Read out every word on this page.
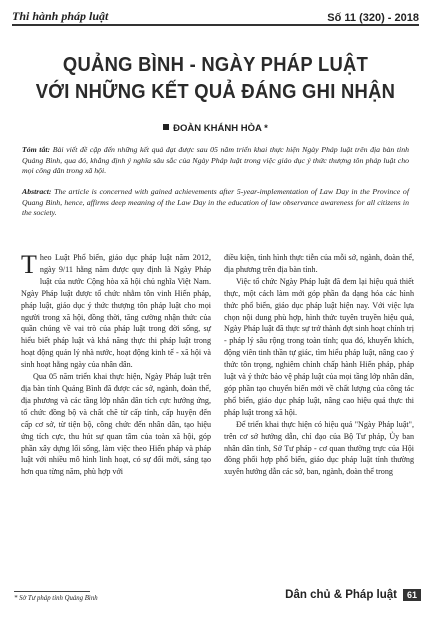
Thi hành pháp luật	Số 11 (320) - 2018
QUẢNG BÌNH - NGÀY PHÁP LUẬT
VỚI NHỮNG KẾT QUẢ ĐÁNG GHI NHẬN
ĐOÀN KHÁNH HÒA *
Tóm tắt: Bài viết đề cập đến những kết quả đạt được sau 05 năm triển khai thực hiện Ngày Pháp luật trên địa bàn tỉnh Quảng Bình, qua đó, khẳng định ý nghĩa sâu sắc của Ngày Pháp luật trong việc giáo dục ý thức thượng tôn pháp luật cho mọi công dân trong xã hội.
Abstract: The article is concerned with gained achievements after 5-year-implementation of Law Day in the Province of Quang Binh, hence, affirms deep meaning of the Law Day in the education of law observance awareness for all citizens in the society.

Theo Luật Phổ biến, giáo dục pháp luật năm 2012, ngày 9/11 hằng năm được quy định là Ngày Pháp luật của nước Cộng hòa xã hội chủ nghĩa Việt Nam. Ngày Pháp luật được tổ chức nhằm tôn vinh Hiến pháp, pháp luật, giáo dục ý thức thượng tôn pháp luật cho mọi người trong xã hội, đồng thời, tăng cường nhận thức của quần chúng về vai trò của pháp luật trong đời sống, sự hiểu biết pháp luật và khả năng thực thi pháp luật trong hoạt động quản lý nhà nước, hoạt động kinh tế - xã hội và sinh hoạt hằng ngày của nhân dân.

Qua 05 năm triển khai thực hiện, Ngày Pháp luật trên địa bàn tỉnh Quảng Bình đã được các sở, ngành, đoàn thể, địa phương và các tầng lớp nhân dân tích cực hưởng ứng, tổ chức đồng bộ và chất chẽ từ cấp tỉnh, cấp huyện đến cấp cơ sở, từ tiện bộ, công chức đến nhân dân, tạo hiệu ứng tích cực, thu hút sự quan tâm của toàn xã hội, góp phần xây dựng lối sống, làm việc theo Hiến pháp và pháp luật với nhiều mô hình linh hoạt, có sự đổi mới, sáng tạo hơn qua từng năm, phù hợp với

điều kiện, tình hình thực tiễn của mỗi sở, ngành, đoàn thể, địa phương trên địa bàn tỉnh.

Việc tổ chức Ngày Pháp luật đã đem lại hiệu quả thiết thực, một cách làm mới góp phần đa dạng hóa các hình thức phổ biến, giáo dục pháp luật hiện nay. Với việc lựa chọn nội dung phù hợp, hình thức tuyên truyền hiệu quả, Ngày Pháp luật đã thực sự trở thành đợt sinh hoạt chính trị - pháp lý sâu rộng trong toàn tỉnh; qua đó, khuyến khích, động viên tinh thần tự giác, tìm hiểu pháp luật, nâng cao ý thức tôn trọng, nghiêm chỉnh chấp hành Hiến pháp, pháp luật và ý thức bảo vệ pháp luật của mọi tầng lớp nhân dân, góp phần tạo chuyển biến mới về chất lượng của công tác phổ biến, giáo dục pháp luật, nâng cao hiệu quả thực thi pháp luật trong xã hội.

Để triển khai thực hiện có hiệu quả "Ngày Pháp luật", trên cơ sở hướng dẫn, chỉ đạo của Bộ Tư pháp, Ủy ban nhân dân tỉnh, Sở Tư pháp - cơ quan thường trực của Hội đồng phối hợp phổ biến, giáo dục pháp luật tỉnh thường xuyên hướng dẫn các sở, ban, ngành, đoàn thể trong

* Sở Tư pháp tỉnh Quảng Bình	Dân chủ & Pháp luật	61
